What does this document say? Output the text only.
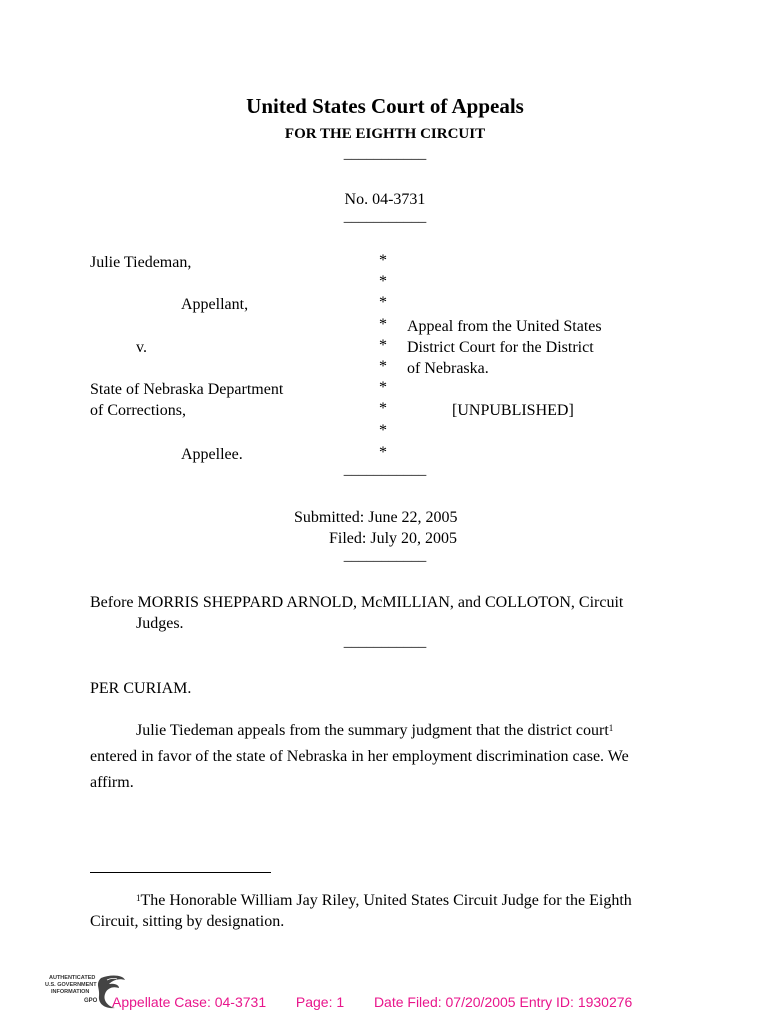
United States Court of Appeals
FOR THE EIGHTH CIRCUIT
___________
No. 04-3731
___________
Julie Tiedeman,
Appellant,
v.
State of Nebraska Department
of Corrections,
Appellee.
*
*
*
*
*
*
*
*
*
*
Appeal from the United States
District Court for the District
of Nebraska.
[UNPUBLISHED]
___________
Submitted: June 22, 2005
Filed: July 20, 2005
___________
Before MORRIS SHEPPARD ARNOLD, McMILLIAN, and COLLOTON, Circuit
Judges.
___________
PER CURIAM.
Julie Tiedeman appeals from the summary judgment that the district court$^1$
entered in favor of the state of Nebraska in her employment discrimination case. We
affirm.
$^1$The Honorable William Jay Riley, United States Circuit Judge for the Eighth
Circuit, sitting by designation.
AUTHENTICATED
U.S. GOVERNMENT
INFORMATION
GPO Appellate Case: 04-3731 Page: 1 Date Filed: 07/20/2005 Entry ID: 1930276
